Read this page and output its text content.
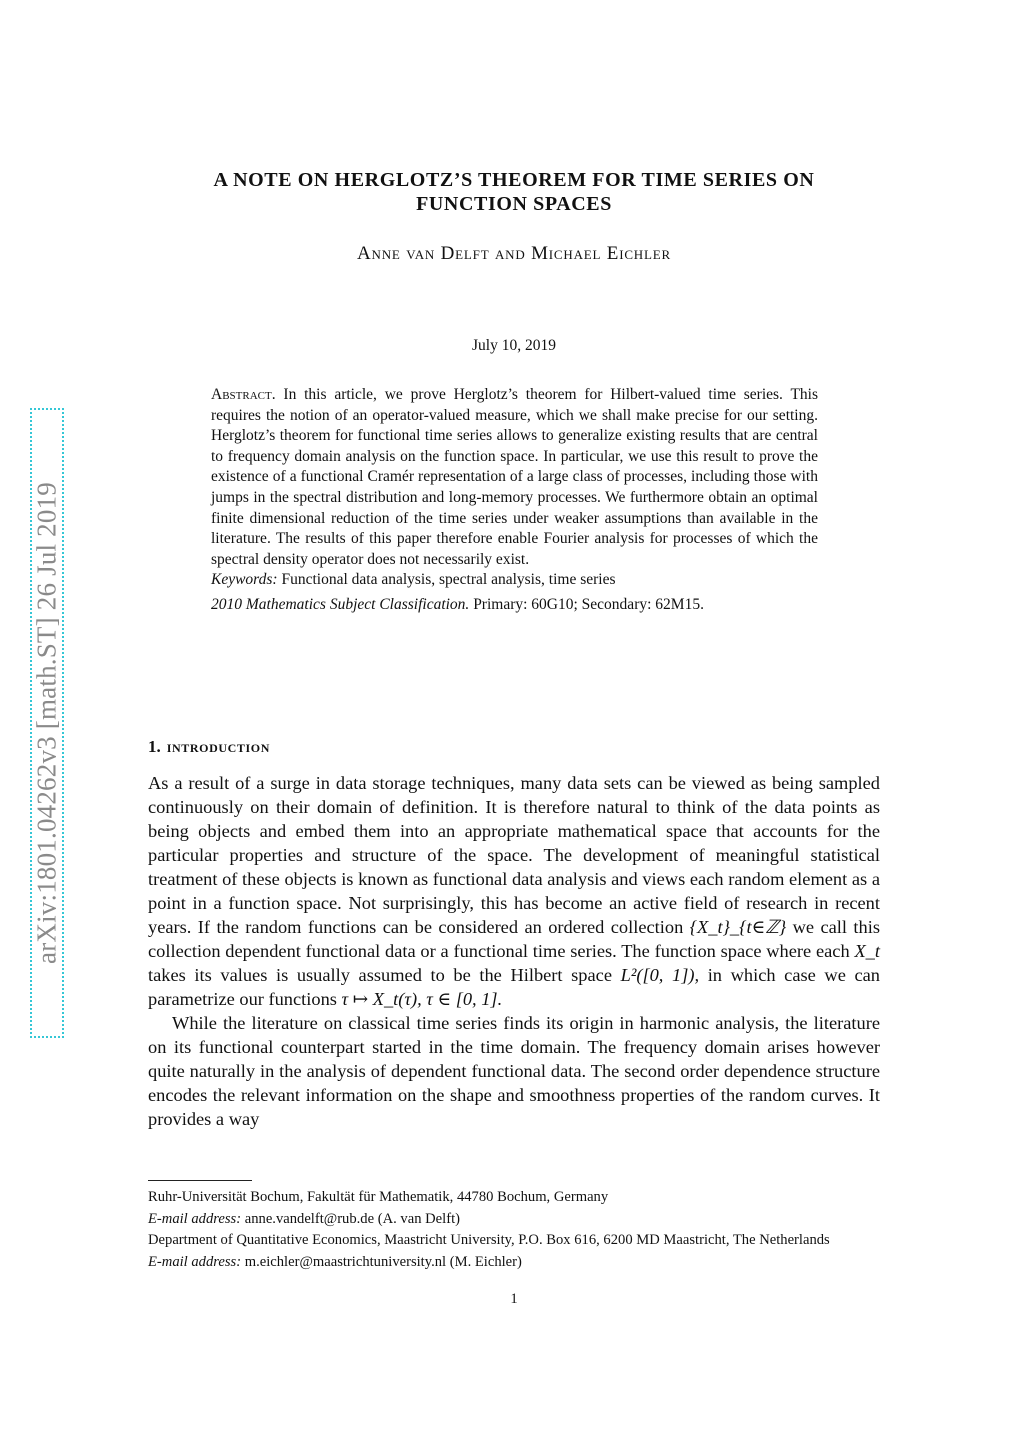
arXiv:1801.04262v3 [math.ST] 26 Jul 2019
A NOTE ON HERGLOTZ’S THEOREM FOR TIME SERIES ON
FUNCTION SPACES
Anne van Delft and Michael Eichler
July 10, 2019

Abstract. In this article, we prove Herglotz’s theorem for Hilbert-valued time series. This requires the notion of an operator-valued measure, which we shall make precise for our setting. Herglotz’s theorem for functional time series allows to generalize existing results that are central to frequency domain analysis on the function space. In particular, we use this result to prove the existence of a functional Cramér representation of a large class of processes, including those with jumps in the spectral distribution and long-memory processes. We furthermore obtain an optimal finite dimensional reduction of the time series under weaker assumptions than available in the literature. The results of this paper therefore enable Fourier analysis for processes of which the spectral density operator does not necessarily exist.

Keywords: Functional data analysis, spectral analysis, time series

2010 Mathematics Subject Classification. Primary: 60G10; Secondary: 62M15.

1. introduction

As a result of a surge in data storage techniques, many data sets can be viewed as being sampled continuously on their domain of definition. It is therefore natural to think of the data points as being objects and embed them into an appropriate mathematical space that accounts for the particular properties and structure of the space. The development of meaningful statistical treatment of these objects is known as functional data analysis and views each random element as a point in a function space. Not surprisingly, this has become an active field of research in recent years. If the random functions can be considered an ordered collection {X_t}_{t∈ℤ} we call this collection dependent functional data or a functional time series. The function space where each X_t takes its values is usually assumed to be the Hilbert space L²([0, 1]), in which case we can parametrize our functions τ ↦ X_t(τ), τ ∈ [0, 1].

While the literature on classical time series finds its origin in harmonic analysis, the literature on its functional counterpart started in the time domain. The frequency domain arises however quite naturally in the analysis of dependent functional data. The second order dependence structure encodes the relevant information on the shape and smoothness properties of the random curves. It provides a way

Ruhr-Universität Bochum, Fakultät für Mathematik, 44780 Bochum, Germany

E-mail address: anne.vandelft@rub.de (A. van Delft)

Department of Quantitative Economics, Maastricht University, P.O. Box 616, 6200 MD Maastricht, The Netherlands

E-mail address: m.eichler@maastrichtuniversity.nl (M. Eichler)

1
